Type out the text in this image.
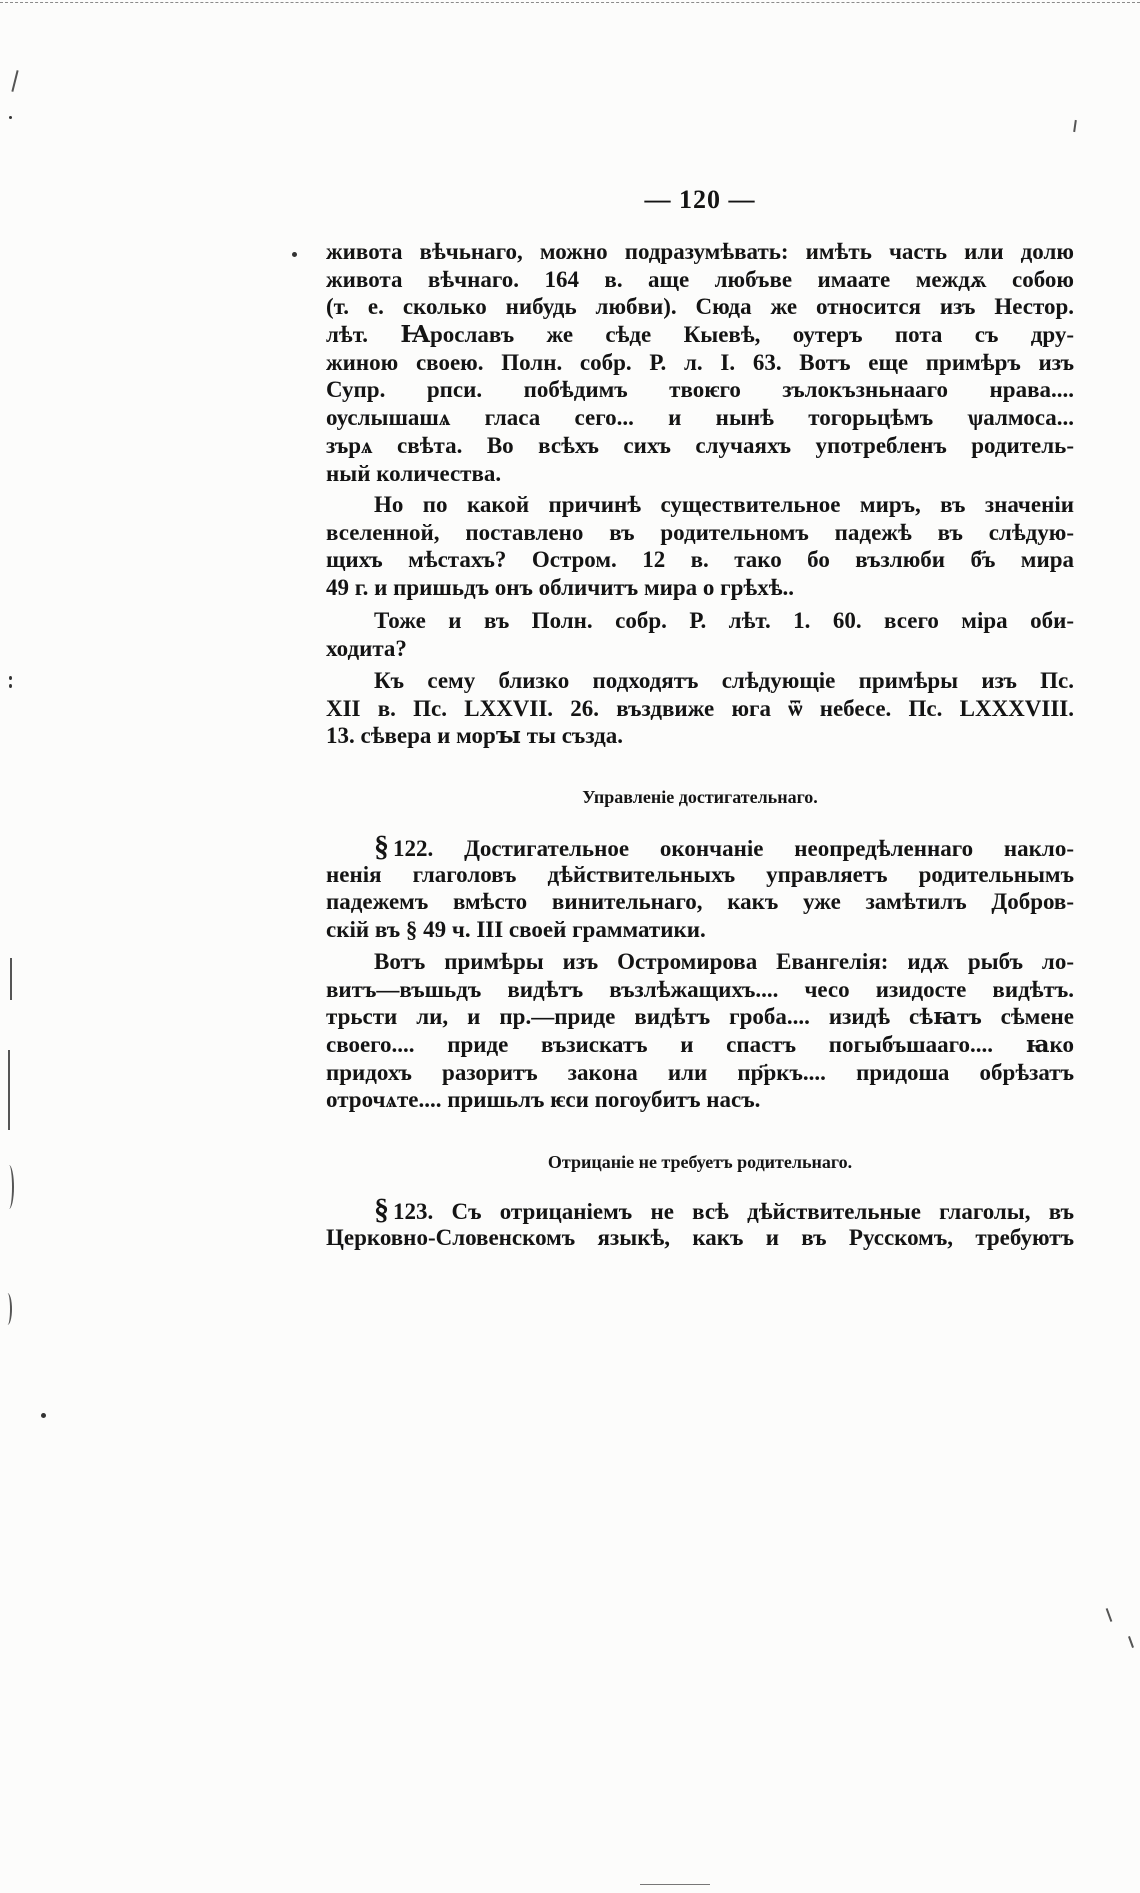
— 120 —
живота вѣчьнаго, можно подразумѣвать: имѣть часть или долю
живота вѣчнаго. 164 в. аще любъве имаате междѫ собою
(т. е. сколько нибудь любви). Сюда же относится изъ Нестор.
лѣт. Ꙗрославъ же сѣде Кыевѣ, оутеръ пота съ дру-
жиною своею. Полн. собр. Р. л. I. 63. Вотъ еще примѣръ изъ
Супр. рпси. побѣдимъ твоѥго зълокъзньнааго нрава....
оуслышашѧ гласа сего... и нынѣ тогорьцѣмъ ѱалмоса...
зърѧ свѣта. Во всѣхъ сихъ случаяхъ употребленъ родитель-
ный количества.
Но по какой причинѣ существительное миръ, въ значеніи
вселенной, поставлено въ родительномъ падежѣ въ слѣдую-
щихъ мѣстахъ? Остром. 12 в. тако бо възлюби б҃ъ мира
49 г. и пришьдъ онъ обличитъ мира о грѣхѣ..
Тоже и въ Полн. собр. Р. лѣт. 1. 60. всего міра оби-
ходита?
Къ сему близко подходятъ слѣдующіе примѣры изъ Пс.
XII в. Пс. LXXVII. 26. въздвиже юга ѿ небесе. Пс. LXXXVIII.
13. сѣвера и морꙑ ты създа.
Управленіе достигательнаго.
§ 122. Достигательное окончаніе неопредѣленнаго накло-
ненія глаголовъ дѣйствительныхъ управляетъ родительнымъ
падежемъ вмѣсто винительнаго, какъ уже замѣтилъ Добров-
скій въ § 49 ч. III своей грамматики.
Вотъ примѣры изъ Остромирова Евангелія: идѫ рыбъ ло-
витъ—въшьдъ видѣтъ възлѣжащихъ.... чесо изидосте видѣтъ.
трьсти ли, и пр.—приде видѣтъ гроба.... изидѣ сѣꙗтъ сѣмене
своего.... приде възискатъ и спастъ погыбъшааго.... ꙗко
придохъ разоритъ закона или пр҃ркъ.... придоша обрѣзатъ
отрочѧте.... пришьлъ ѥси погоубитъ насъ.
Отрицаніе не требуетъ родительнаго.
§ 123. Съ отрицаніемъ не всѣ дѣйствительные глаголы, въ
Церковно-Словенскомъ языкѣ, какъ и въ Русскомъ, требуютъ
